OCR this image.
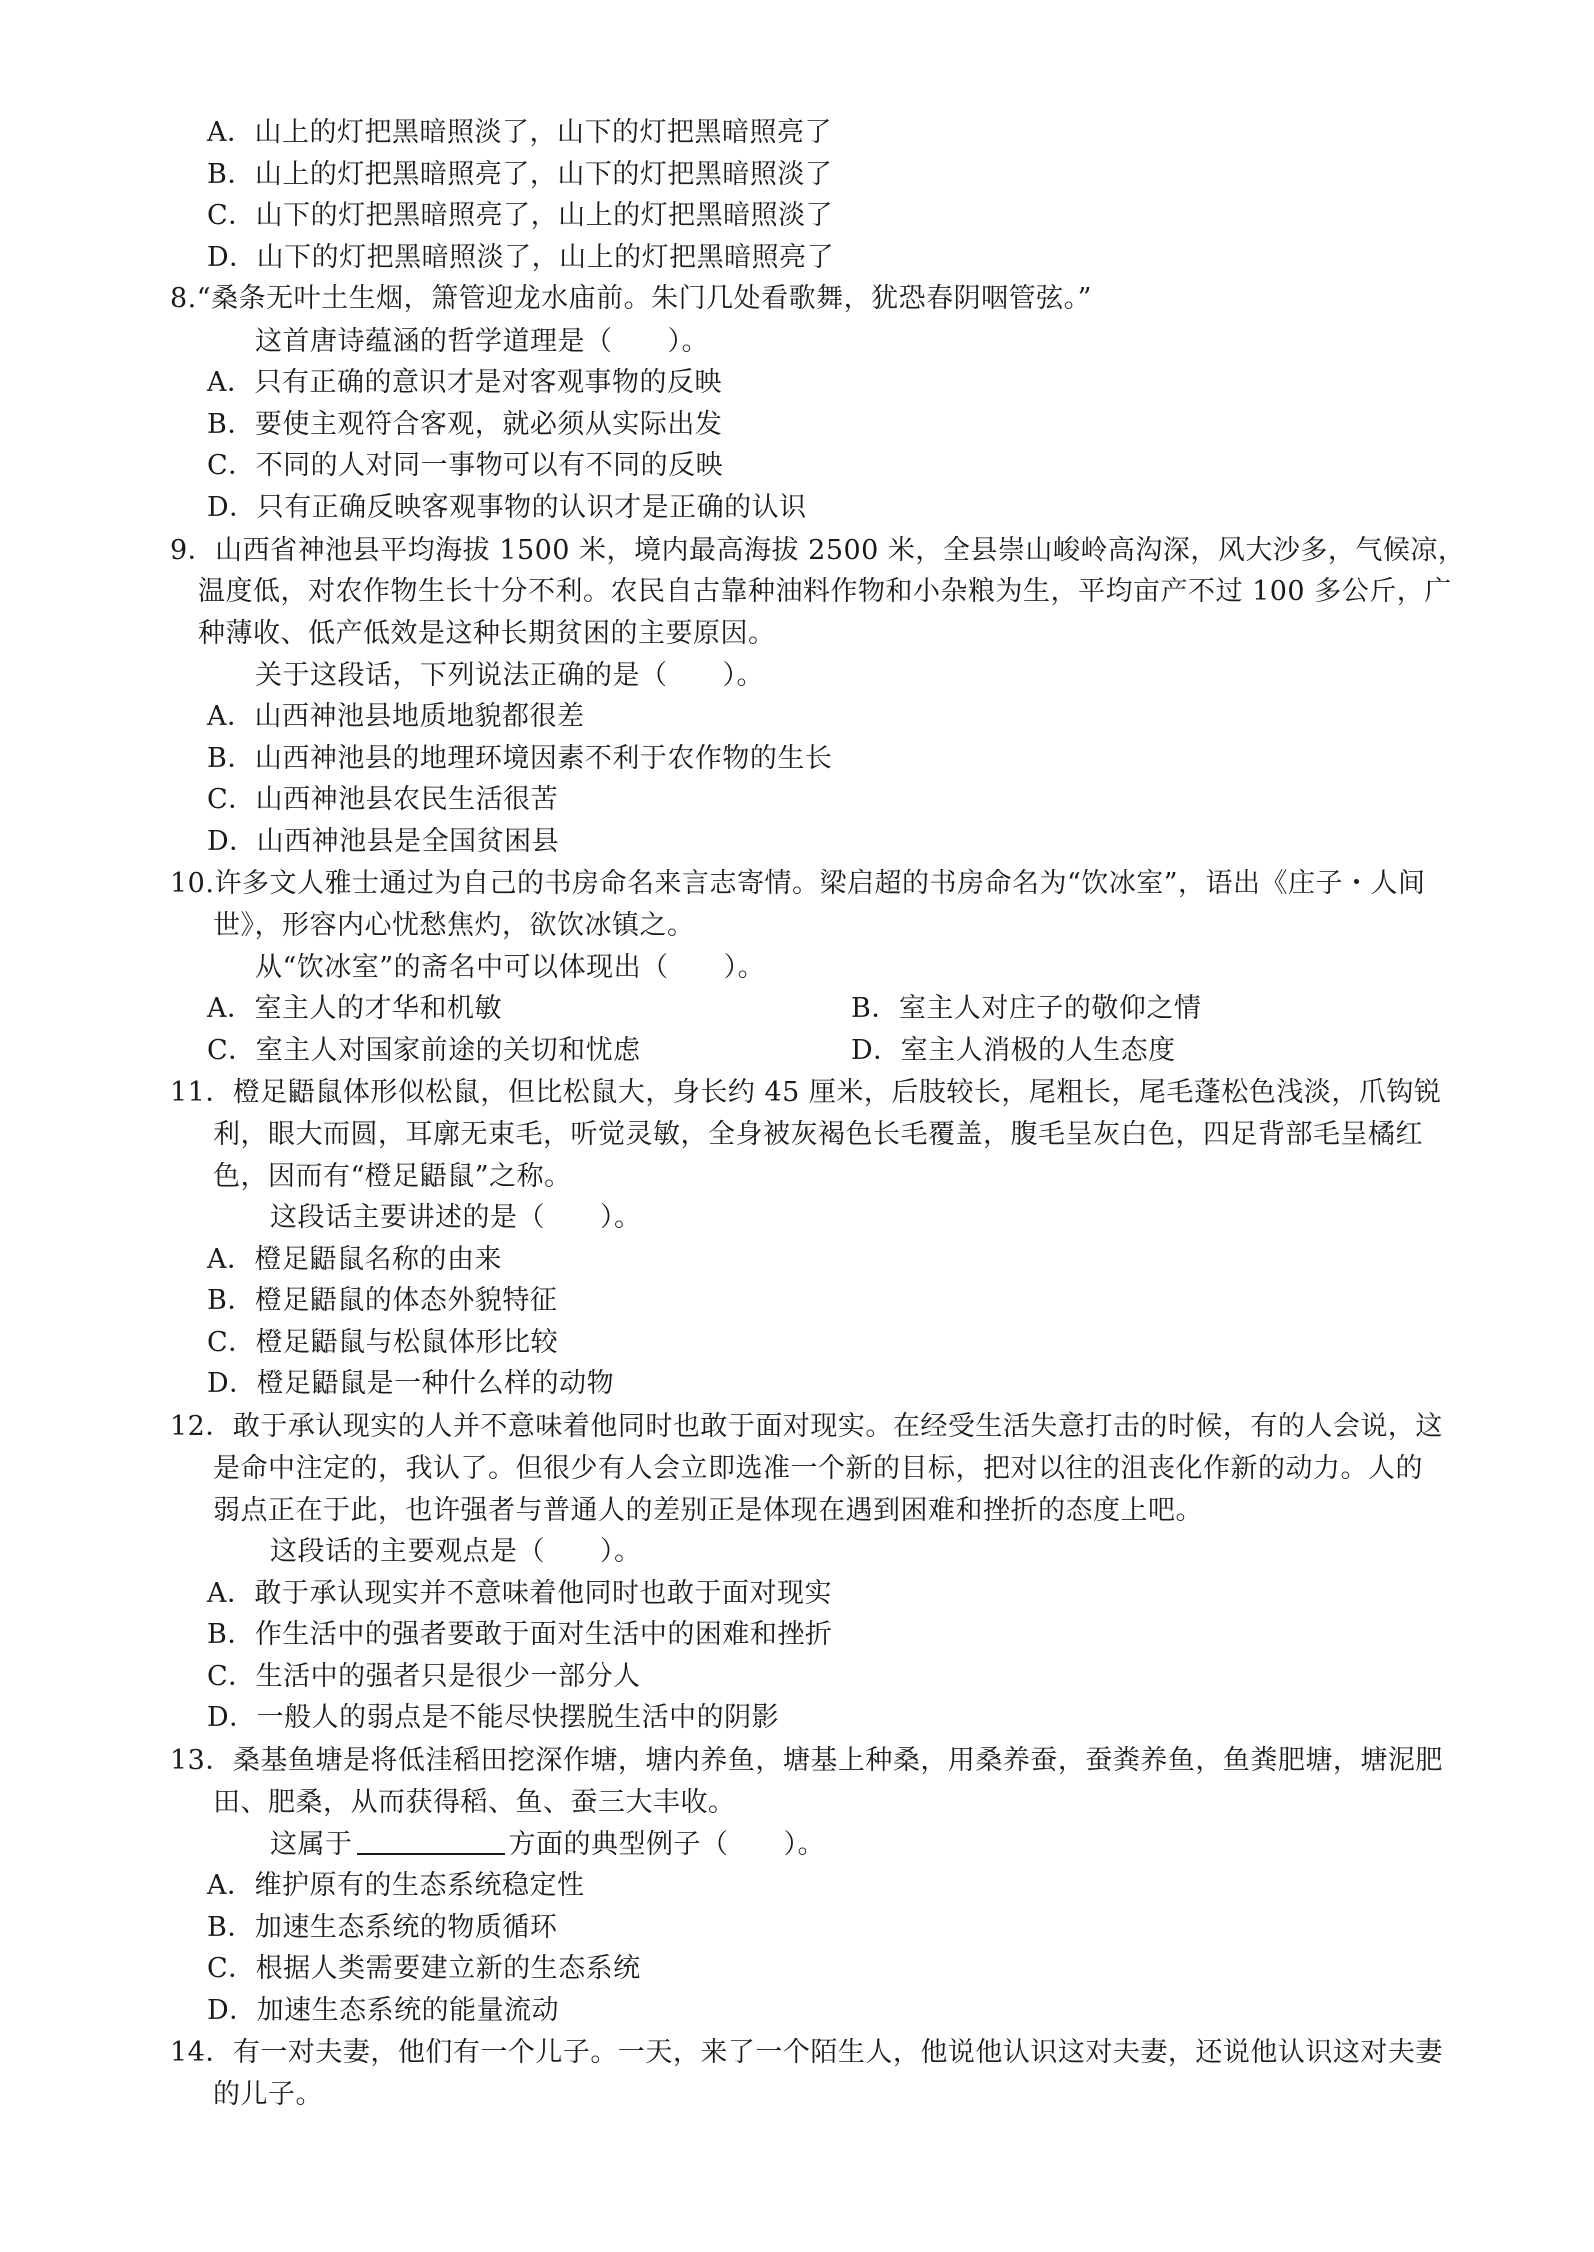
A．山上的灯把黑暗照淡了，山下的灯把黑暗照亮了
B．山上的灯把黑暗照亮了，山下的灯把黑暗照淡了
C．山下的灯把黑暗照亮了，山上的灯把黑暗照淡了
D．山下的灯把黑暗照淡了，山上的灯把黑暗照亮了
8.“桑条无叶土生烟，箫管迎龙水庙前。朱门几处看歌舞，犹恐春阴咽管弦。”
这首唐诗蕴涵的哲学道理是（　　）。
A．只有正确的意识才是对客观事物的反映
B．要使主观符合客观，就必须从实际出发
C．不同的人对同一事物可以有不同的反映
D．只有正确反映客观事物的认识才是正确的认识
9．山西省神池县平均海拔 1500 米，境内最高海拔 2500 米，全县崇山峻岭高沟深，风大沙多，气候凉，
温度低，对农作物生长十分不利。农民自古靠种油料作物和小杂粮为生，平均亩产不过 100 多公斤，广
种薄收、低产低效是这种长期贫困的主要原因。
关于这段话，下列说法正确的是（　　）。
A．山西神池县地质地貌都很差
B．山西神池县的地理环境因素不利于农作物的生长
C．山西神池县农民生活很苦
D．山西神池县是全国贫困县
10.许多文人雅士通过为自己的书房命名来言志寄情。梁启超的书房命名为“饮冰室”，语出《庄子・人间
世》，形容内心忧愁焦灼，欲饮冰镇之。
从“饮冰室”的斋名中可以体现出（　　）。
A．室主人的才华和机敏	B．室主人对庄子的敬仰之情
C．室主人对国家前途的关切和忧虑	D．室主人消极的人生态度
11．橙足鼯鼠体形似松鼠，但比松鼠大，身长约 45 厘米，后肢较长，尾粗长，尾毛蓬松色浅淡，爪钩锐
利，眼大而圆，耳廓无束毛，听觉灵敏，全身被灰褐色长毛覆盖，腹毛呈灰白色，四足背部毛呈橘红
色，因而有“橙足鼯鼠”之称。
这段话主要讲述的是（　　）。
A．橙足鼯鼠名称的由来
B．橙足鼯鼠的体态外貌特征
C．橙足鼯鼠与松鼠体形比较
D．橙足鼯鼠是一种什么样的动物
12．敢于承认现实的人并不意味着他同时也敢于面对现实。在经受生活失意打击的时候，有的人会说，这
是命中注定的，我认了。但很少有人会立即选准一个新的目标，把对以往的沮丧化作新的动力。人的
弱点正在于此，也许强者与普通人的差别正是体现在遇到困难和挫折的态度上吧。
这段话的主要观点是（　　）。
A．敢于承认现实并不意味着他同时也敢于面对现实
B．作生活中的强者要敢于面对生活中的困难和挫折
C．生活中的强者只是很少一部分人
D．一般人的弱点是不能尽快摆脱生活中的阴影
13．桑基鱼塘是将低洼稻田挖深作塘，塘内养鱼，塘基上种桑，用桑养蚕，蚕粪养鱼，鱼粪肥塘，塘泥肥
田、肥桑，从而获得稻、鱼、蚕三大丰收。
这属于	方面的典型例子（　　）。
A．维护原有的生态系统稳定性
B．加速生态系统的物质循环
C．根据人类需要建立新的生态系统
D．加速生态系统的能量流动
14．有一对夫妻，他们有一个儿子。一天，来了一个陌生人，他说他认识这对夫妻，还说他认识这对夫妻
的儿子。
